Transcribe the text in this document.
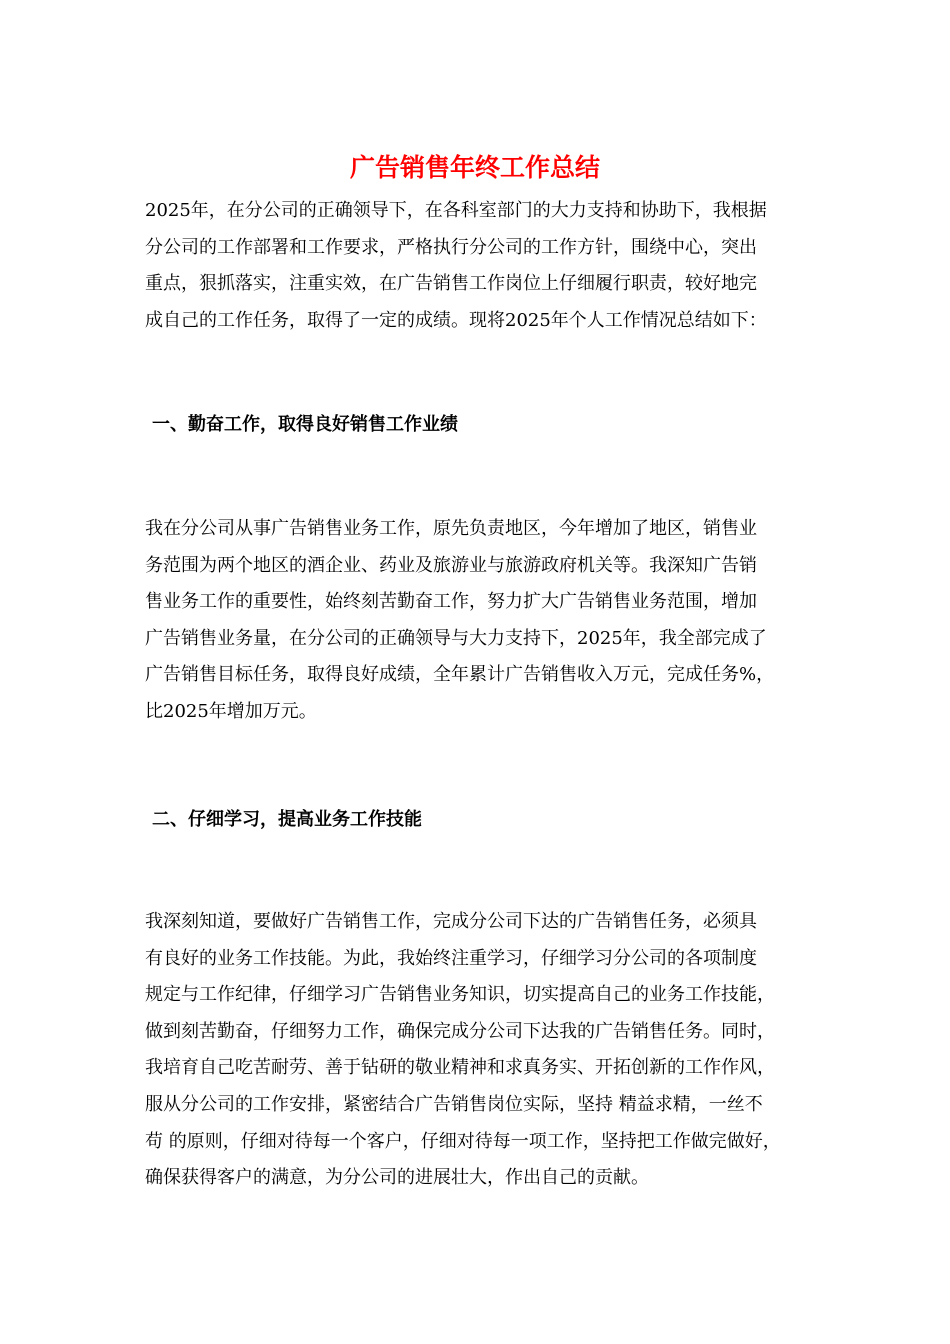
广告销售年终工作总结
2025年，在分公司的正确领导下，在各科室部门的大力支持和协助下，我根据
分公司的工作部署和工作要求，严格执行分公司的工作方针，围绕中心，突出
重点，狠抓落实，注重实效，在广告销售工作岗位上仔细履行职责，较好地完
成自己的工作任务，取得了一定的成绩。现将2025年个人工作情况总结如下：
一、勤奋工作，取得良好销售工作业绩
我在分公司从事广告销售业务工作，原先负责地区，今年增加了地区，销售业
务范围为两个地区的酒企业、药业及旅游业与旅游政府机关等。我深知广告销
售业务工作的重要性，始终刻苦勤奋工作，努力扩大广告销售业务范围，增加
广告销售业务量，在分公司的正确领导与大力支持下，2025年，我全部完成了
广告销售目标任务，取得良好成绩，全年累计广告销售收入万元，完成任务%，
比2025年增加万元。
二、仔细学习，提高业务工作技能
我深刻知道，要做好广告销售工作，完成分公司下达的广告销售任务，必须具
有良好的业务工作技能。为此，我始终注重学习，仔细学习分公司的各项制度
规定与工作纪律，仔细学习广告销售业务知识，切实提高自己的业务工作技能，
做到刻苦勤奋，仔细努力工作，确保完成分公司下达我的广告销售任务。同时，
我培育自己吃苦耐劳、善于钻研的敬业精神和求真务实、开拓创新的工作作风，
服从分公司的工作安排，紧密结合广告销售岗位实际，坚持 精益求精，一丝不
苟 的原则，仔细对待每一个客户，仔细对待每一项工作，坚持把工作做完做好，
确保获得客户的满意，为分公司的进展壮大，作出自己的贡献。
